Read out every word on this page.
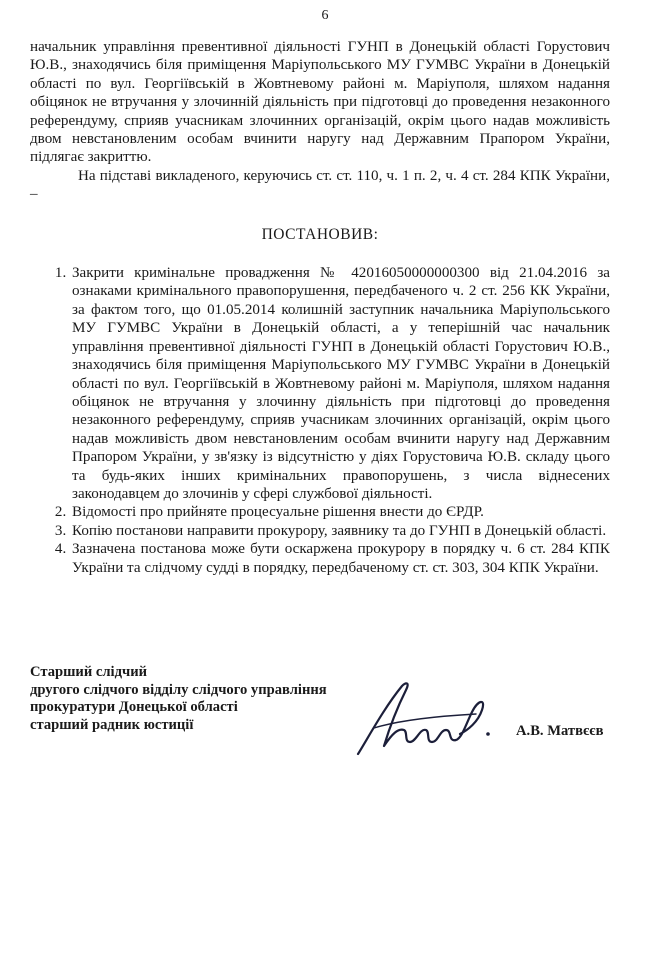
6

начальник управління превентивної діяльності ГУНП в Донецькій області Горустович Ю.В., знаходячись біля приміщення Маріупольського МУ ГУМВС України в Донецькій області по вул. Георгіївській в Жовтневому районі м. Маріуполя, шляхом надання обіцянок не втручання у злочинній діяльність при підготовці до проведення незаконного референдуму, сприяв учасникам злочинних організацій, окрім цього надав можливість двом невстановленим особам вчинити наругу над Державним Прапором України, підлягає закриттю.

На підставі викладеного, керуючись ст. ст. 110, ч. 1 п. 2, ч. 4 ст. 284 КПК України, –

ПОСТАНОВИВ:
1. Закрити кримінальне провадження № 42016050000000300 від 21.04.2016 за ознаками кримінального правопорушення, передбаченого ч. 2 ст. 256 КК України, за фактом того, що 01.05.2014 колишній заступник начальника Маріупольського МУ ГУМВС України в Донецькій області, а у теперішній час начальник управління превентивної діяльності ГУНП в Донецькій області Горустович Ю.В., знаходячись біля приміщення Маріупольського МУ ГУМВС України в Донецькій області по вул. Георгіївській в Жовтневому районі м. Маріуполя, шляхом надання обіцянок не втручання у злочинну діяльність при підготовці до проведення незаконного референдуму, сприяв учасникам злочинних організацій, окрім цього надав можливість двом невстановленим особам вчинити наругу над Державним Прапором України, у зв'язку із відсутністю у діях Горустовича Ю.В. складу цього та будь-яких інших кримінальних правопорушень, з числа віднесених законодавцем до злочинів у сфері службової діяльності.
2. Відомості про прийняте процесуальне рішення внести до ЄРДР.
3. Копію постанови направити прокурору, заявнику та до ГУНП в Донецькій області.
4. Зазначена постанова може бути оскаржена прокурору в порядку ч. 6 ст. 284 КПК України та слідчому судді в порядку, передбаченому ст. ст. 303, 304 КПК України.
Старший слідчий
другого слідчого відділу слідчого управління
прокуратури Донецької області
старший радник юстиції	А.В. Матвєєв
